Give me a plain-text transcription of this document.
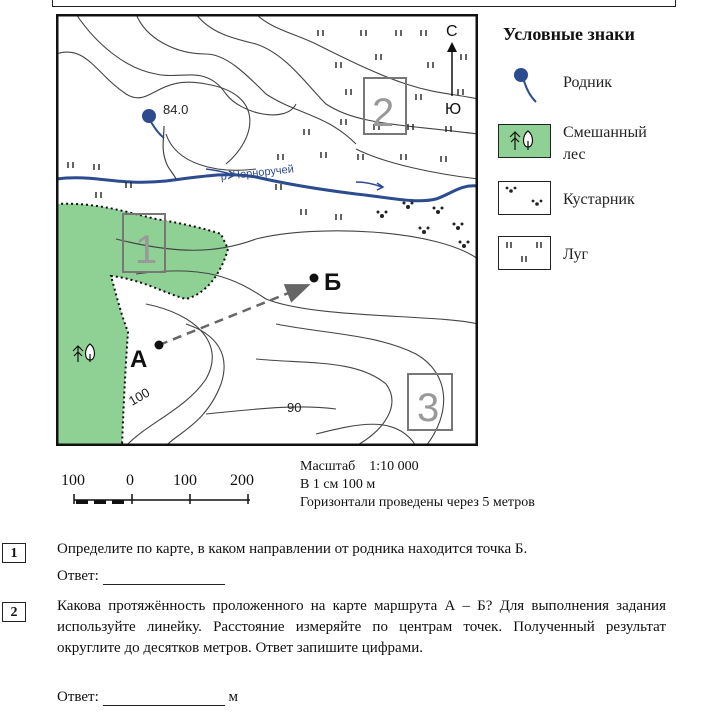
84.0
р. Черноручей
С
Ю
1
2
3
А
Б
100	90
Условные знаки
Родник
Смешанный
лес
Кустарник
Луг
100	0 100 200
Масштаб    1:10 000
В 1 см 100 м
Горизонтали проведены через 5 метров
1	Определите по карте, в каком направлении от родника находится точка Б.
Ответ:
2	Какова протяжённость проложенного на карте маршрута А – Б? Для выполнения задания используйте линейку. Расстояние измеряйте по центрам точек. Полученный результат округлите до десятков метров. Ответ запишите цифрами.
Ответ:	м
